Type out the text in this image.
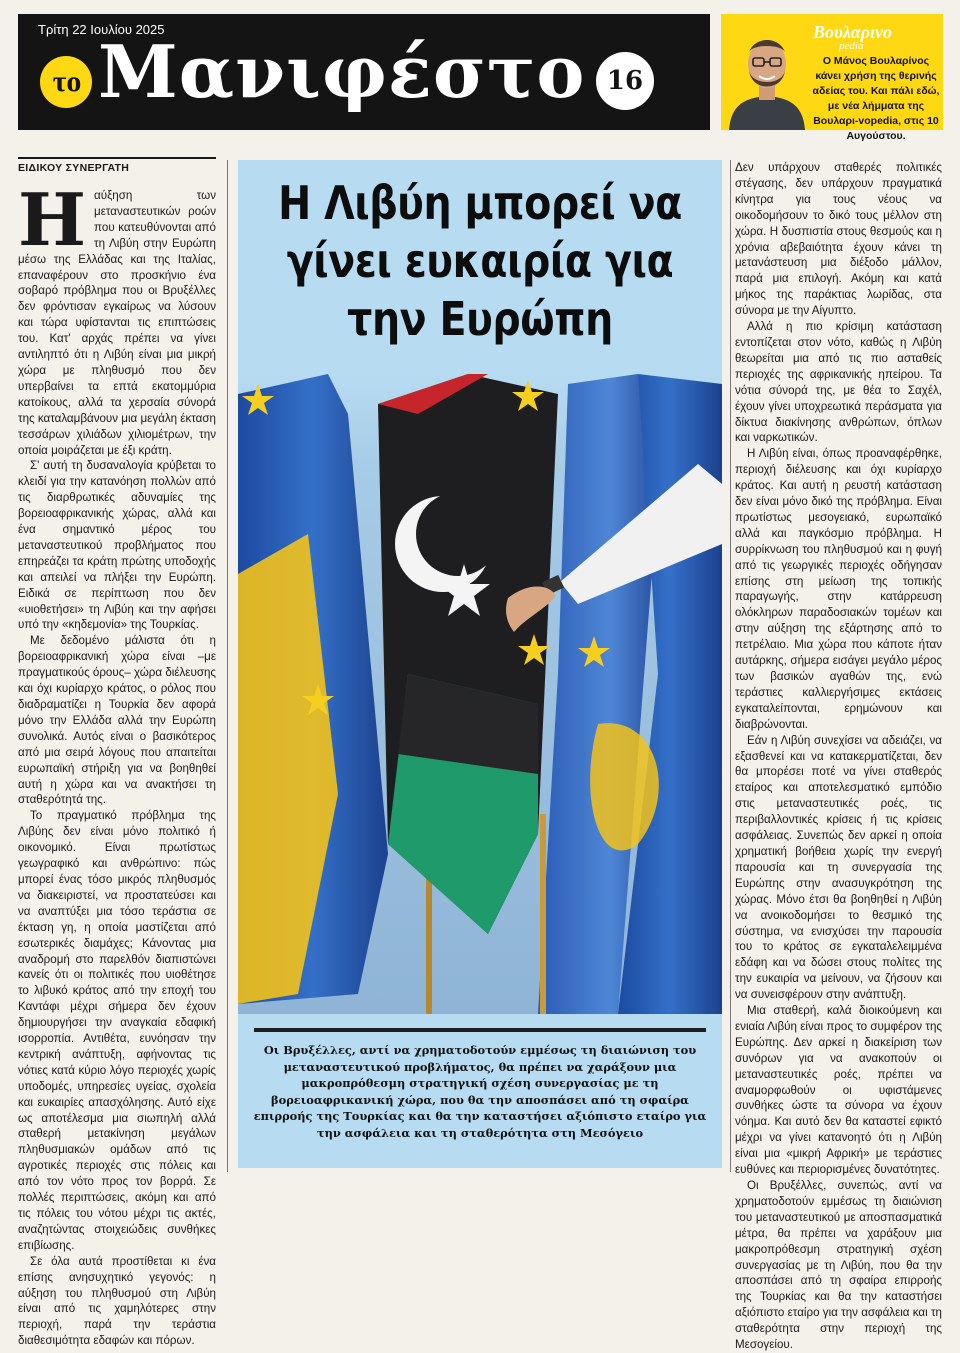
Τρίτη 22 Ιουλίου 2025
το Μανιφέστο 16
Βουλαρινο
pedia
Ο Μάνος Βουλαρίνος κάνει χρήση της θερινής αδείας του. Και πάλι εδώ, με νέα λήμματα της Βουλαρι-vopedia, στις 10 Αυγούστου.
ΕΙΔΙΚΟΥ ΣΥΝΕΡΓΑΤΗ

Η αύξηση των μεταναστευτικών ροών που κατευθύνονται από τη Λιβύη στην Ευρώπη μέσω της Ελλάδας και της Ιταλίας, επαναφέρουν στο προσκήνιο ένα σοβαρό πρόβλημα που οι Βρυξέλλες δεν φρόντισαν εγκαίρως να λύσουν και τώρα υφίστανται τις επιπτώσεις του. Κατ' αρχάς πρέπει να γίνει αντιληπτό ότι η Λιβύη είναι μια μικρή χώρα με πληθυσμό που δεν υπερβαίνει τα επτά εκατομμύρια κατοίκους, αλλά τα χερσαία σύνορά της καταλαμβάνουν μια μεγάλη έκταση τεσσάρων χιλιάδων χιλιομέτρων, την οποία μοιράζεται με έξι κράτη.

Σ' αυτή τη δυσαναλογία κρύβεται το κλειδί για την κατανόηση πολλών από τις διαρθρωτικές αδυναμίες της βορειοαφρικανικής χώρας, αλλά και ένα σημαντικό μέρος του μεταναστευτικού προβλήματος που επηρεάζει τα κράτη πρώτης υποδοχής και απειλεί να πλήξει την Ευρώπη. Ειδικά σε περίπτωση που δεν «υιοθετήσει» τη Λιβύη και την αφήσει υπό την «κηδεμονία» της Τουρκίας.

Με δεδομένο μάλιστα ότι η βορειοαφρικανική χώρα είναι –με πραγματικούς όρους– χώρα διέλευσης και όχι κυρίαρχο κράτος, ο ρόλος που διαδραματίζει η Τουρκία δεν αφορά μόνο την Ελλάδα αλλά την Ευρώπη συνολικά. Αυτός είναι ο βασικότερος από μια σειρά λόγους που απαιτείται ευρωπαϊκή στήριξη για να βοηθηθεί αυτή η χώρα και να ανακτήσει τη σταθερότητά της.

Το πραγματικό πρόβλημα της Λιβύης δεν είναι μόνο πολιτικό ή οικονομικό. Είναι πρωτίστως γεωγραφικό και ανθρώπινο: πώς μπορεί ένας τόσο μικρός πληθυσμός να διακειριστεί, να προστατεύσει και να αναπτύξει μια τόσο τεράστια σε έκταση γη, η οποία μαστίζεται από εσωτερικές διαμάχες; Κάνοντας μια αναδρομή στο παρελθόν διαπιστώνει κανείς ότι οι πολιτικές που υιοθέτησε το λιβυκό κράτος από την εποχή του Καντάφι μέχρι σήμερα δεν έχουν δημιουργήσει την αναγκαία εδαφική ισορροπία. Αντιθέτα, ευνόησαν την κεντρική ανάπτυξη, αφήνοντας τις νότιες κατά κύριο λόγο περιοχές χωρίς υποδομές, υπηρεσίες υγείας, σχολεία και ευκαιρίες απασχόλησης. Αυτό είχε ως αποτέλεσμα μια σιωπηλή αλλά σταθερή μετακίνηση μεγάλων πληθυσμιακών ομάδων από τις αγροτικές περιοχές στις πόλεις και από τον νότο προς τον βορρά. Σε πολλές περιπτώσεις, ακόμη και από τις πόλεις του νότου μέχρι τις ακτές, αναζητώντας στοιχειώδεις συνθήκες επιβίωσης.

Σε όλα αυτά προστίθεται κι ένα επίσης ανησυχητικό γεγονός: η αύξηση του πληθυσμού στη Λιβύη είναι από τις χαμηλότερες στην περιοχή, παρά την τεράστια διαθεσιμότητα εδαφών και πόρων.

Η Λιβύη μπορεί να γίνει ευκαιρία για την Ευρώπη
Οι Βρυξέλλες, αντί να χρηματοδοτούν εμμέσως τη διαιώνιση του μεταναστευτικού προβλήματος, θα πρέπει να χαράξουν μια μακροπρόθεσμη στρατηγική σχέση συνεργασίας με τη βορειοαφρικανική χώρα, που θα την αποσπάσει από τη σφαίρα επιρροής της Τουρκίας και θα την καταστήσει αξιόπιστο εταίρο για την ασφάλεια και τη σταθερότητα στη Μεσόγειο

Δεν υπάρχουν σταθερές πολιτικές στέγασης, δεν υπάρχουν πραγματικά κίνητρα για τους νέους να οικοδομήσουν το δικό τους μέλλον στη χώρα. Η δυσπιστία στους θεσμούς και η χρόνια αβεβαιότητα έχουν κάνει τη μετανάστευση μια διέξοδο μάλλον, παρά μια επιλογή. Ακόμη και κατά μήκος της παράκτιας λωρίδας, στα σύνορα με την Αίγυπτο.

Αλλά η πιο κρίσιμη κατάσταση εντοπίζεται στον νότο, καθώς η Λιβύη θεωρείται μια από τις πιο ασταθείς περιοχές της αφρικανικής ηπείρου. Τα νότια σύνορά της, με θέα το Σαχέλ, έχουν γίνει υποχρεωτικά περάσματα για δίκτυα διακίνησης ανθρώπων, όπλων και ναρκωτικών.

Η Λιβύη είναι, όπως προαναφέρθηκε, περιοχή διέλευσης και όχι κυρίαρχο κράτος. Και αυτή η ρευστή κατάσταση δεν είναι μόνο δικό της πρόβλημα. Είναι πρωτίστως μεσογειακό, ευρωπαϊκό αλλά και παγκόσμιο πρόβλημα. Η συρρίκνωση του πληθυσμού και η φυγή από τις γεωργικές περιοχές οδήγησαν επίσης στη μείωση της τοπικής παραγωγής, στην κατάρρευση ολόκληρων παραδοσιακών τομέων και στην αύξηση της εξάρτησης από το πετρέλαιο. Μια χώρα που κάποτε ήταν αυτάρκης, σήμερα εισάγει μεγάλο μέρος των βασικών αγαθών της, ενώ τεράστιες καλλιεργήσιμες εκτάσεις εγκαταλείπονται, ερημώνουν και διαβρώνονται.

Εάν η Λιβύη συνεχίσει να αδειάζει, να εξασθενεί και να κατακερματίζεται, δεν θα μπορέσει ποτέ να γίνει σταθερός εταίρος και αποτελεσματικό εμπόδιο στις μεταναστευτικές ροές, τις περιβαλλοντικές κρίσεις ή τις κρίσεις ασφάλειας. Συνεπώς δεν αρκεί η οποία χρηματική βοήθεια χωρίς την ενεργή παρουσία και τη συνεργασία της Ευρώπης στην ανασυγκρότηση της χώρας. Μόνο έτσι θα βοηθηθεί η Λιβύη να ανοικοδομήσει το θεσμικό της σύστημα, να ενισχύσει την παρουσία του το κράτος σε εγκαταλελειμμένα εδάφη και να δώσει στους πολίτες της την ευκαιρία να μείνουν, να ζήσουν και να συνεισφέρουν στην ανάπτυξη.

Μια σταθερή, καλά διοικούμενη και ενιαία Λιβύη είναι προς το συμφέρον της Ευρώπης. Δεν αρκεί η διακείριση των συνόρων για να ανακοπούν οι μεταναστευτικές ροές, πρέπει να αναμορφωθούν οι υφιστάμενες συνθήκες ώστε τα σύνορα να έχουν νόημα. Και αυτό δεν θα καταστεί εφικτό μέχρι να γίνει κατανοητό ότι η Λιβύη είναι μια «μικρή Αφρική» με τεράστιες ευθύνες και περιορισμένες δυνατότητες.

Οι Βρυξέλλες, συνεπώς, αντί να χρηματοδοτούν εμμέσως τη διαιώνιση του μεταναστευτικού με αποσπασματικά μέτρα, θα πρέπει να χαράξουν μια μακροπρόθεσμη στρατηγική σχέση συνεργασίας με τη Λιβύη, που θα την αποσπάσει από τη σφαίρα επιρροής της Τουρκίας και θα την καταστήσει αξιόπιστο εταίρο για την ασφάλεια και τη σταθερότητα στην περιοχή της Μεσογείου.
